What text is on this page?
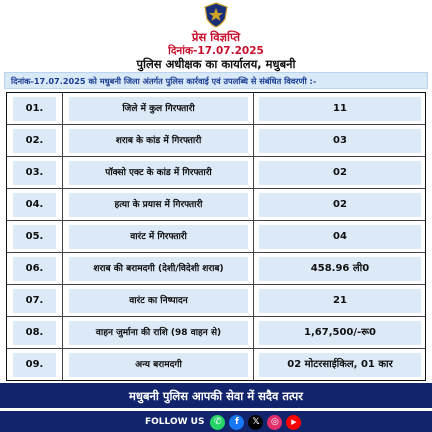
प्रेस विज्ञप्ति
दिनांक-17.07.2025
पुलिस अधीक्षक का कार्यालय, मधुबनी
दिनांक-17.07.2025 को मधुबनी जिला अंतर्गत पुलिस कार्रवाई एवं उपलब्धि से संबंधित विवरणी :-
01.	जिले में कुल गिरफ्तारी	11
02.	शराब के कांड में गिरफ्तारी	03
03.	पॉक्सो एक्ट के कांड में गिरफ्तारी	02
04.	हत्या के प्रयास में गिरफ्तारी	02
05.	वारंट में गिरफ्तारी	04
06.	शराब की बरामदगी (देशी/विदेशी शराब)	458.96 ली0
07.	वारंट का निष्पादन	21
08.	वाहन जुर्माना की राशि (98 वाहन से)	1,67,500/-रू0
09.	अन्य बरामदगी	02 मोटरसाईकिल, 01 कार
मधुबनी पुलिस आपकी सेवा में सदैव तत्पर
FOLLOW US	✆	f	𝕏	◎	▶
